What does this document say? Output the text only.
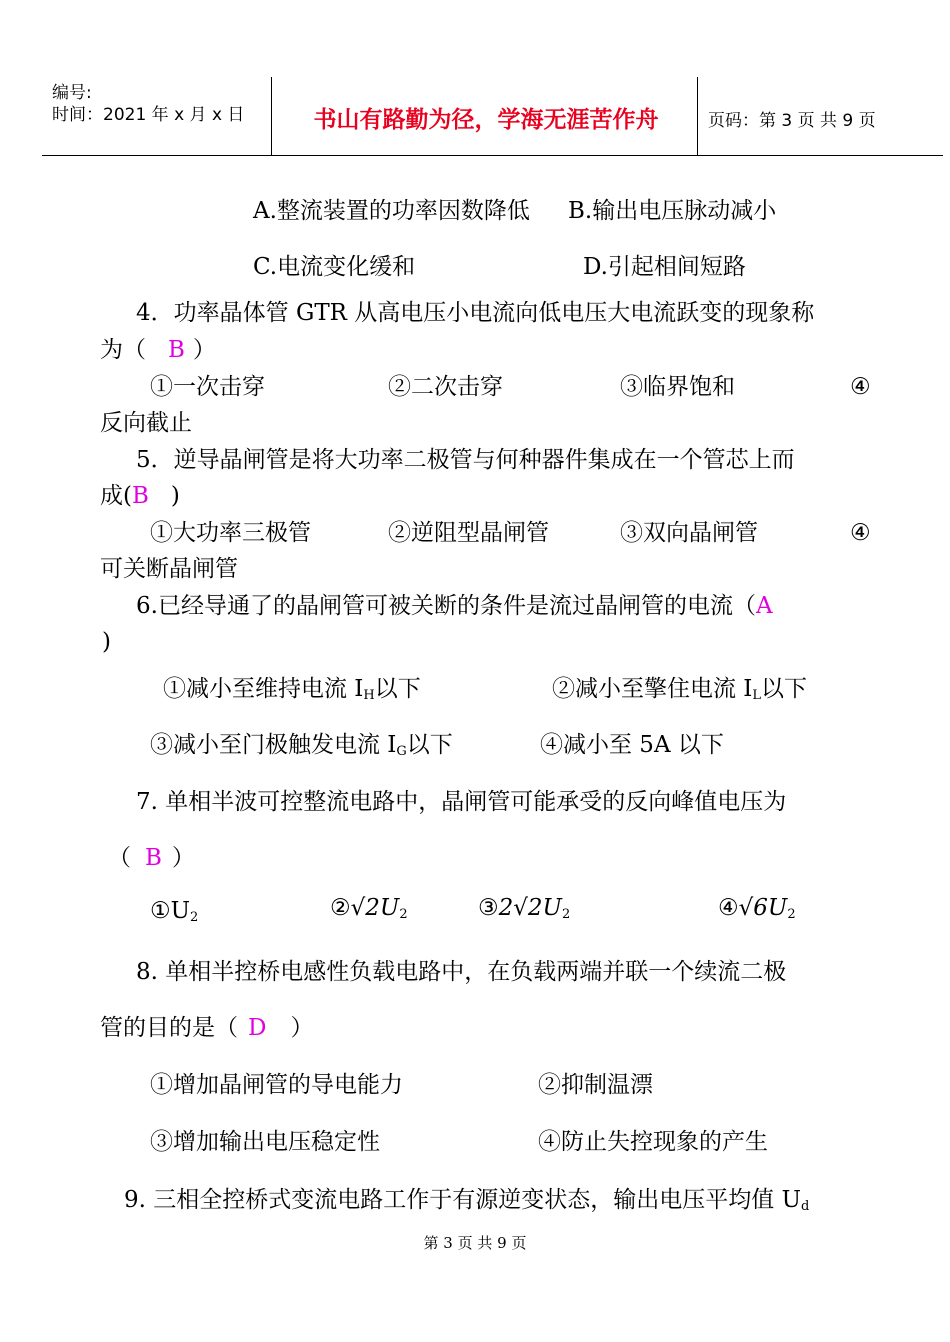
编号:
时间：2021 年 x 月 x 日	书山有路勤为径，学海无涯苦作舟	页码：第 3 页 共 9 页
A.整流装置的功率因数降低 B.输出电压脉动减小
C.电流变化缓和	D.引起相间短路
4．功率晶体管 GTR 从高电压小电流向低电压大电流跃变的现象称
为（ B ）
①一次击穿	②二次击穿	③临界饱和	④
反向截止
5．逆导晶闸管是将大功率二极管与何种器件集成在一个管芯上而
成(B )
①大功率三极管	②逆阻型晶闸管	③双向晶闸管	④
可关断晶闸管
6.已经导通了的晶闸管可被关断的条件是流过晶闸管的电流（A
)
①减小至维持电流 $I_H$以下	②减小至擎住电流 $I_L$以下
③减小至门极触发电流 $I_G$以下	④减小至 5A 以下
7. 单相半波可控整流电路中，晶闸管可能承受的反向峰值电压为
（ B ）
$①U_2$	$②√2U_2$	$③2√2U_2$	$④√6U_2$
8. 单相半控桥电感性负载电路中，在负载两端并联一个续流二极
管的目的是（ D ）
①增加晶闸管的导电能力	②抑制温漂
③增加输出电压稳定性	④防止失控现象的产生
9. 三相全控桥式变流电路工作于有源逆变状态，输出电压平均值 $U_d$
第 3 页 共 9 页
